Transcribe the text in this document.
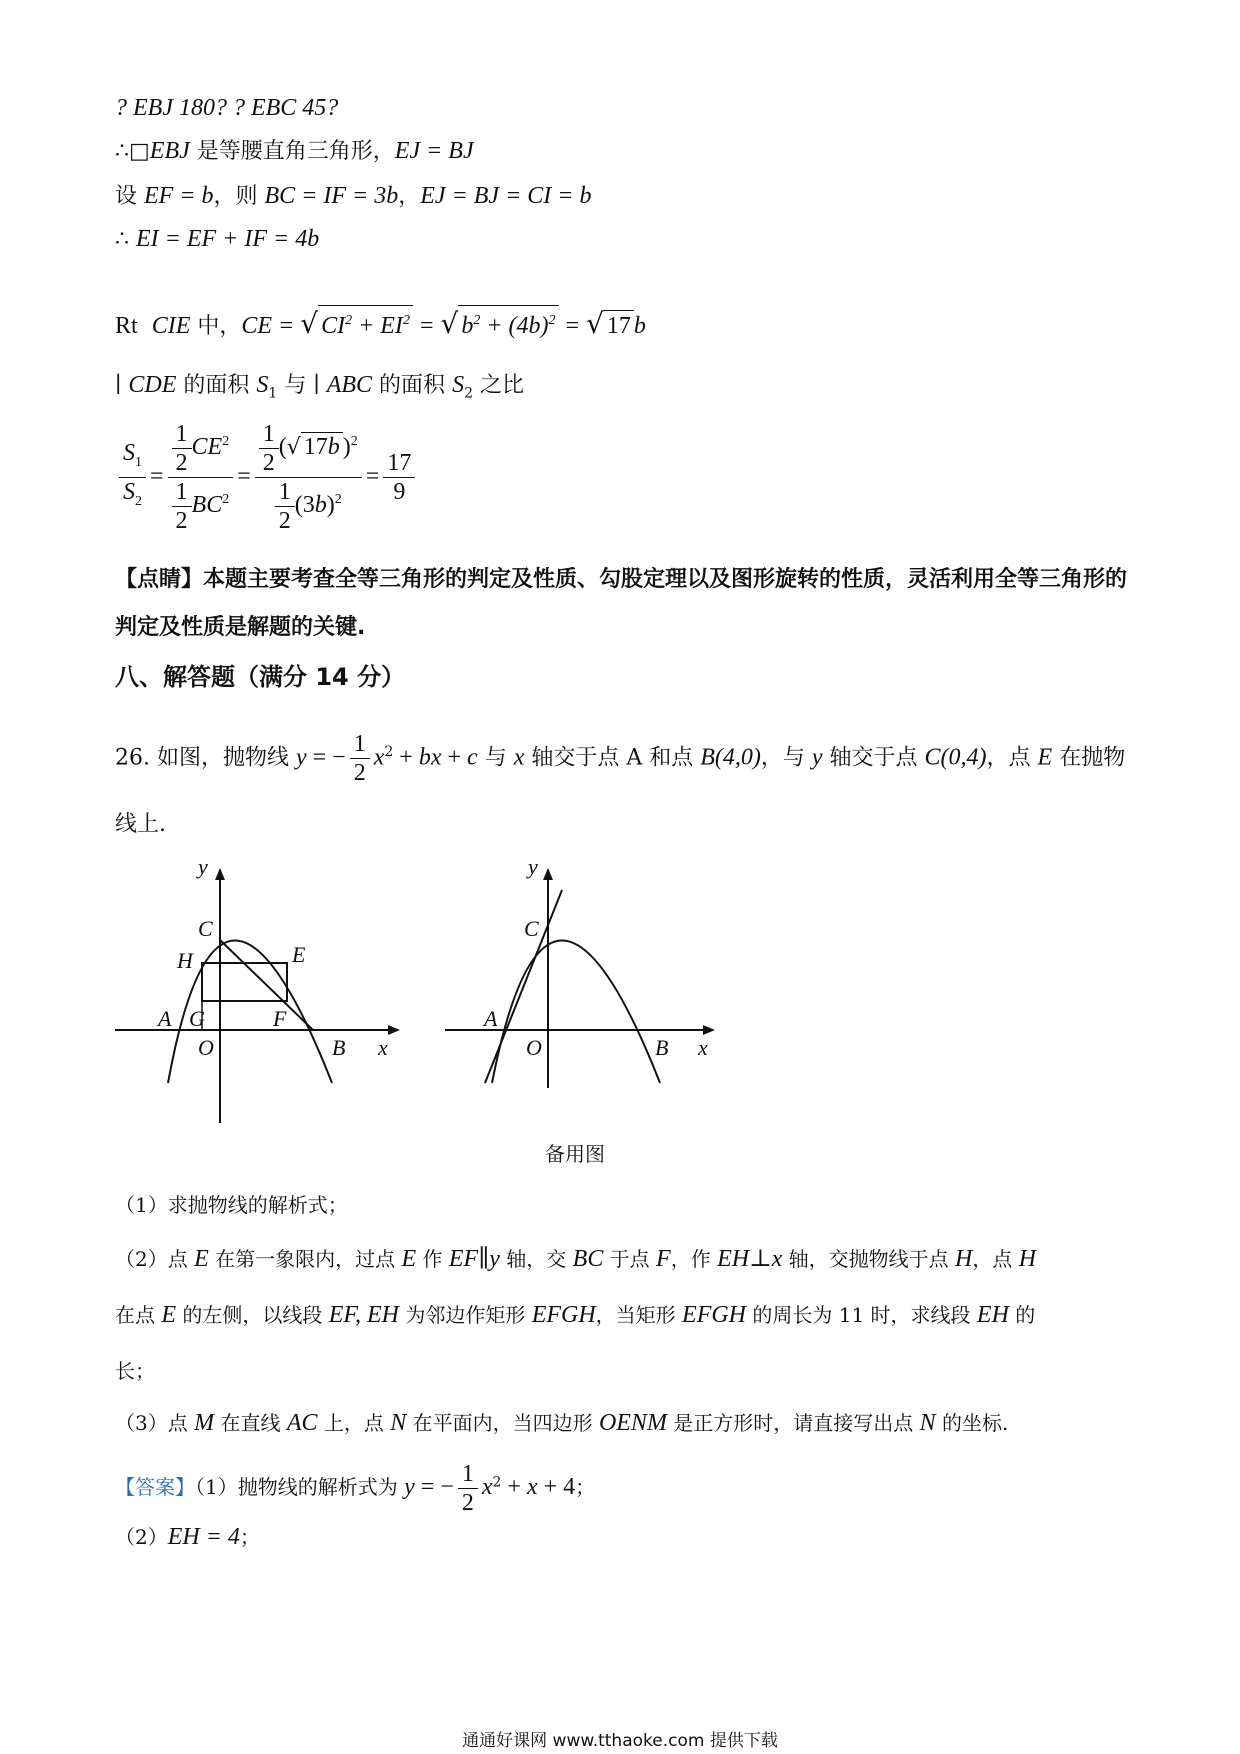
? EBJ 180? ? EBC 45?
∴□EBJ 是等腰直角三角形，EJ = BJ
设 EF = b，则 BC = IF = 3b，EJ = BJ = CI = b
∴ EI = EF + IF = 4b
Rt CIE 中，CE = √ $CI^2 + EI^2$ = √ $b^2 + (4b)^2$ = √ 17 b
∣ CDE 的面积 $S_1$ 与 ∣ ABC 的面积 $S_2$ 之比
$\frac{S_1}{S_2} = \frac{\frac{1}{2} CE^2}{\frac{1}{2} BC^2} = \frac{\frac{1}{2} (√ 17b )^2}{\frac{1}{2} (3b)^2} = \frac{17}{9}$
【点睛】本题主要考查全等三角形的判定及性质、勾股定理以及图形旋转的性质，灵活利用全等三角形的
判定及性质是解题的关键.
八、解答题（满分 14 分）
26. 如图，抛物线 y = − $\frac{1}{2} x^2$ + bx + c 与 x 轴交于点 A 和点 B(4,0)，与 y 轴交于点 C(0,4)，点 E 在抛物
线上.
y
C
H	E
A G	F
O	B x
y
C
A
O	B x
备用图
（1）求抛物线的解析式；
（2）点 E 在第一象限内，过点 E 作 EF∥y 轴，交 BC 于点 F，作 EH⊥x 轴，交抛物线于点 H，点 H
在点 E 的左侧，以线段 EF, EH 为邻边作矩形 EFGH，当矩形 EFGH 的周长为 11 时，求线段 EH 的
长；
（3）点 M 在直线 AC 上，点 N 在平面内，当四边形 OENM 是正方形时，请直接写出点 N 的坐标.
【答案】（1）抛物线的解析式为 y = − $\frac{1}{2} x^2 + x + 4$；
（2）EH = 4；
通通好课网 www.tthaoke.com 提供下载
